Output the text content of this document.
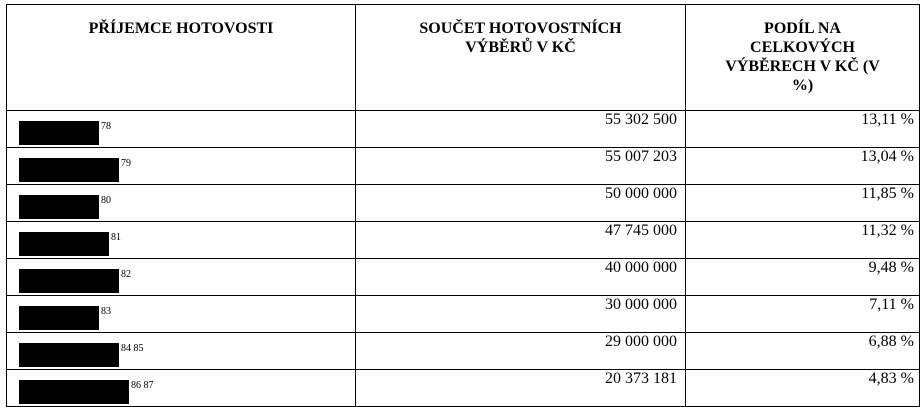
PŘÍJEMCE HOTOVOSTI	SOUČET HOTOVOSTNÍCH VÝBĚRŮ V KČ	PODÍL NA CELKOVÝCH VÝBĚRECH V KČ (V %)

78	55 302 500	13,11 %

79	55 007 203	13,04 %

80	50 000 000	11,85 %

81	47 745 000	11,32 %

82	40 000 000	9,48 %

83	30 000 000	7,11 %

84 85	29 000 000	6,88 %

86 87	20 373 181	4,83 %
